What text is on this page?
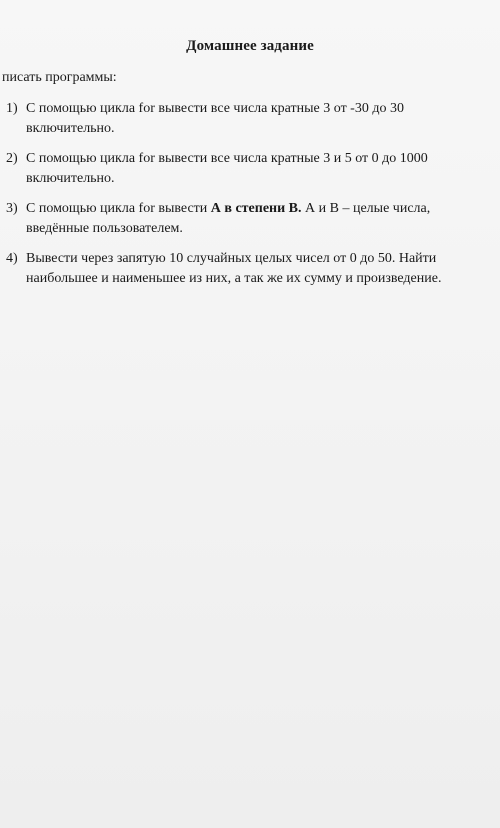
Домашнее задание
писать программы:
1) С помощью цикла for вывести все числа кратные 3 от -30 до 30 включительно.
2) С помощью цикла for вывести все числа кратные 3 и 5 от 0 до 1000 включительно.
3) С помощью цикла for вывести А в степени В. А и В – целые числа, введённые пользователем.
4) Вывести через запятую 10 случайных целых чисел от 0 до 50. Найти наибольшее и наименьшее из них, а так же их сумму и произведение.
